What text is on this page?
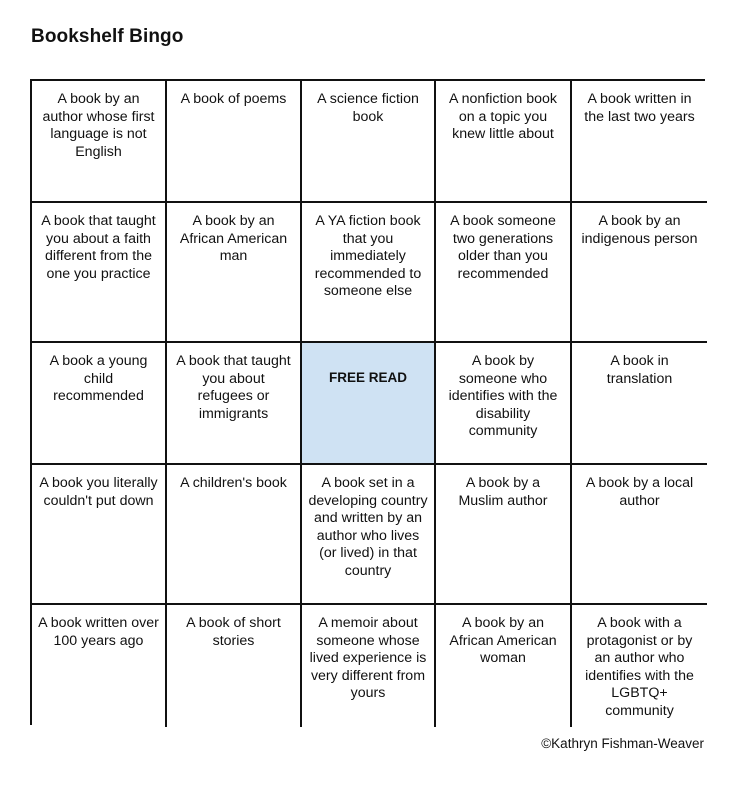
Bookshelf Bingo
A book by an author whose first language is not English
A book of poems	A science fiction book
A nonfiction book on a topic you knew little about
A book written in the last two years
A book that taught you about a faith different from the one you practice
A book by an African American man
A YA fiction book that you immediately recommended to someone else
A book someone two generations older than you recommended
A book by an indigenous person
A book a young child recommended
A book that taught you about refugees or immigrants
FREE READ
A book by someone who identifies with the disability community
A book in translation
A book you literally couldn't put down
A children's book	A book set in a developing country and written by an author who lives (or lived) in that country
A book by a Muslim author
A book by a local author
A book written over 100 years ago
A book of short stories
A memoir about someone whose lived experience is very different from yours
A book by an African American woman
A book with a protagonist or by an author who identifies with the LGBTQ+ community
©Kathryn Fishman-Weaver
